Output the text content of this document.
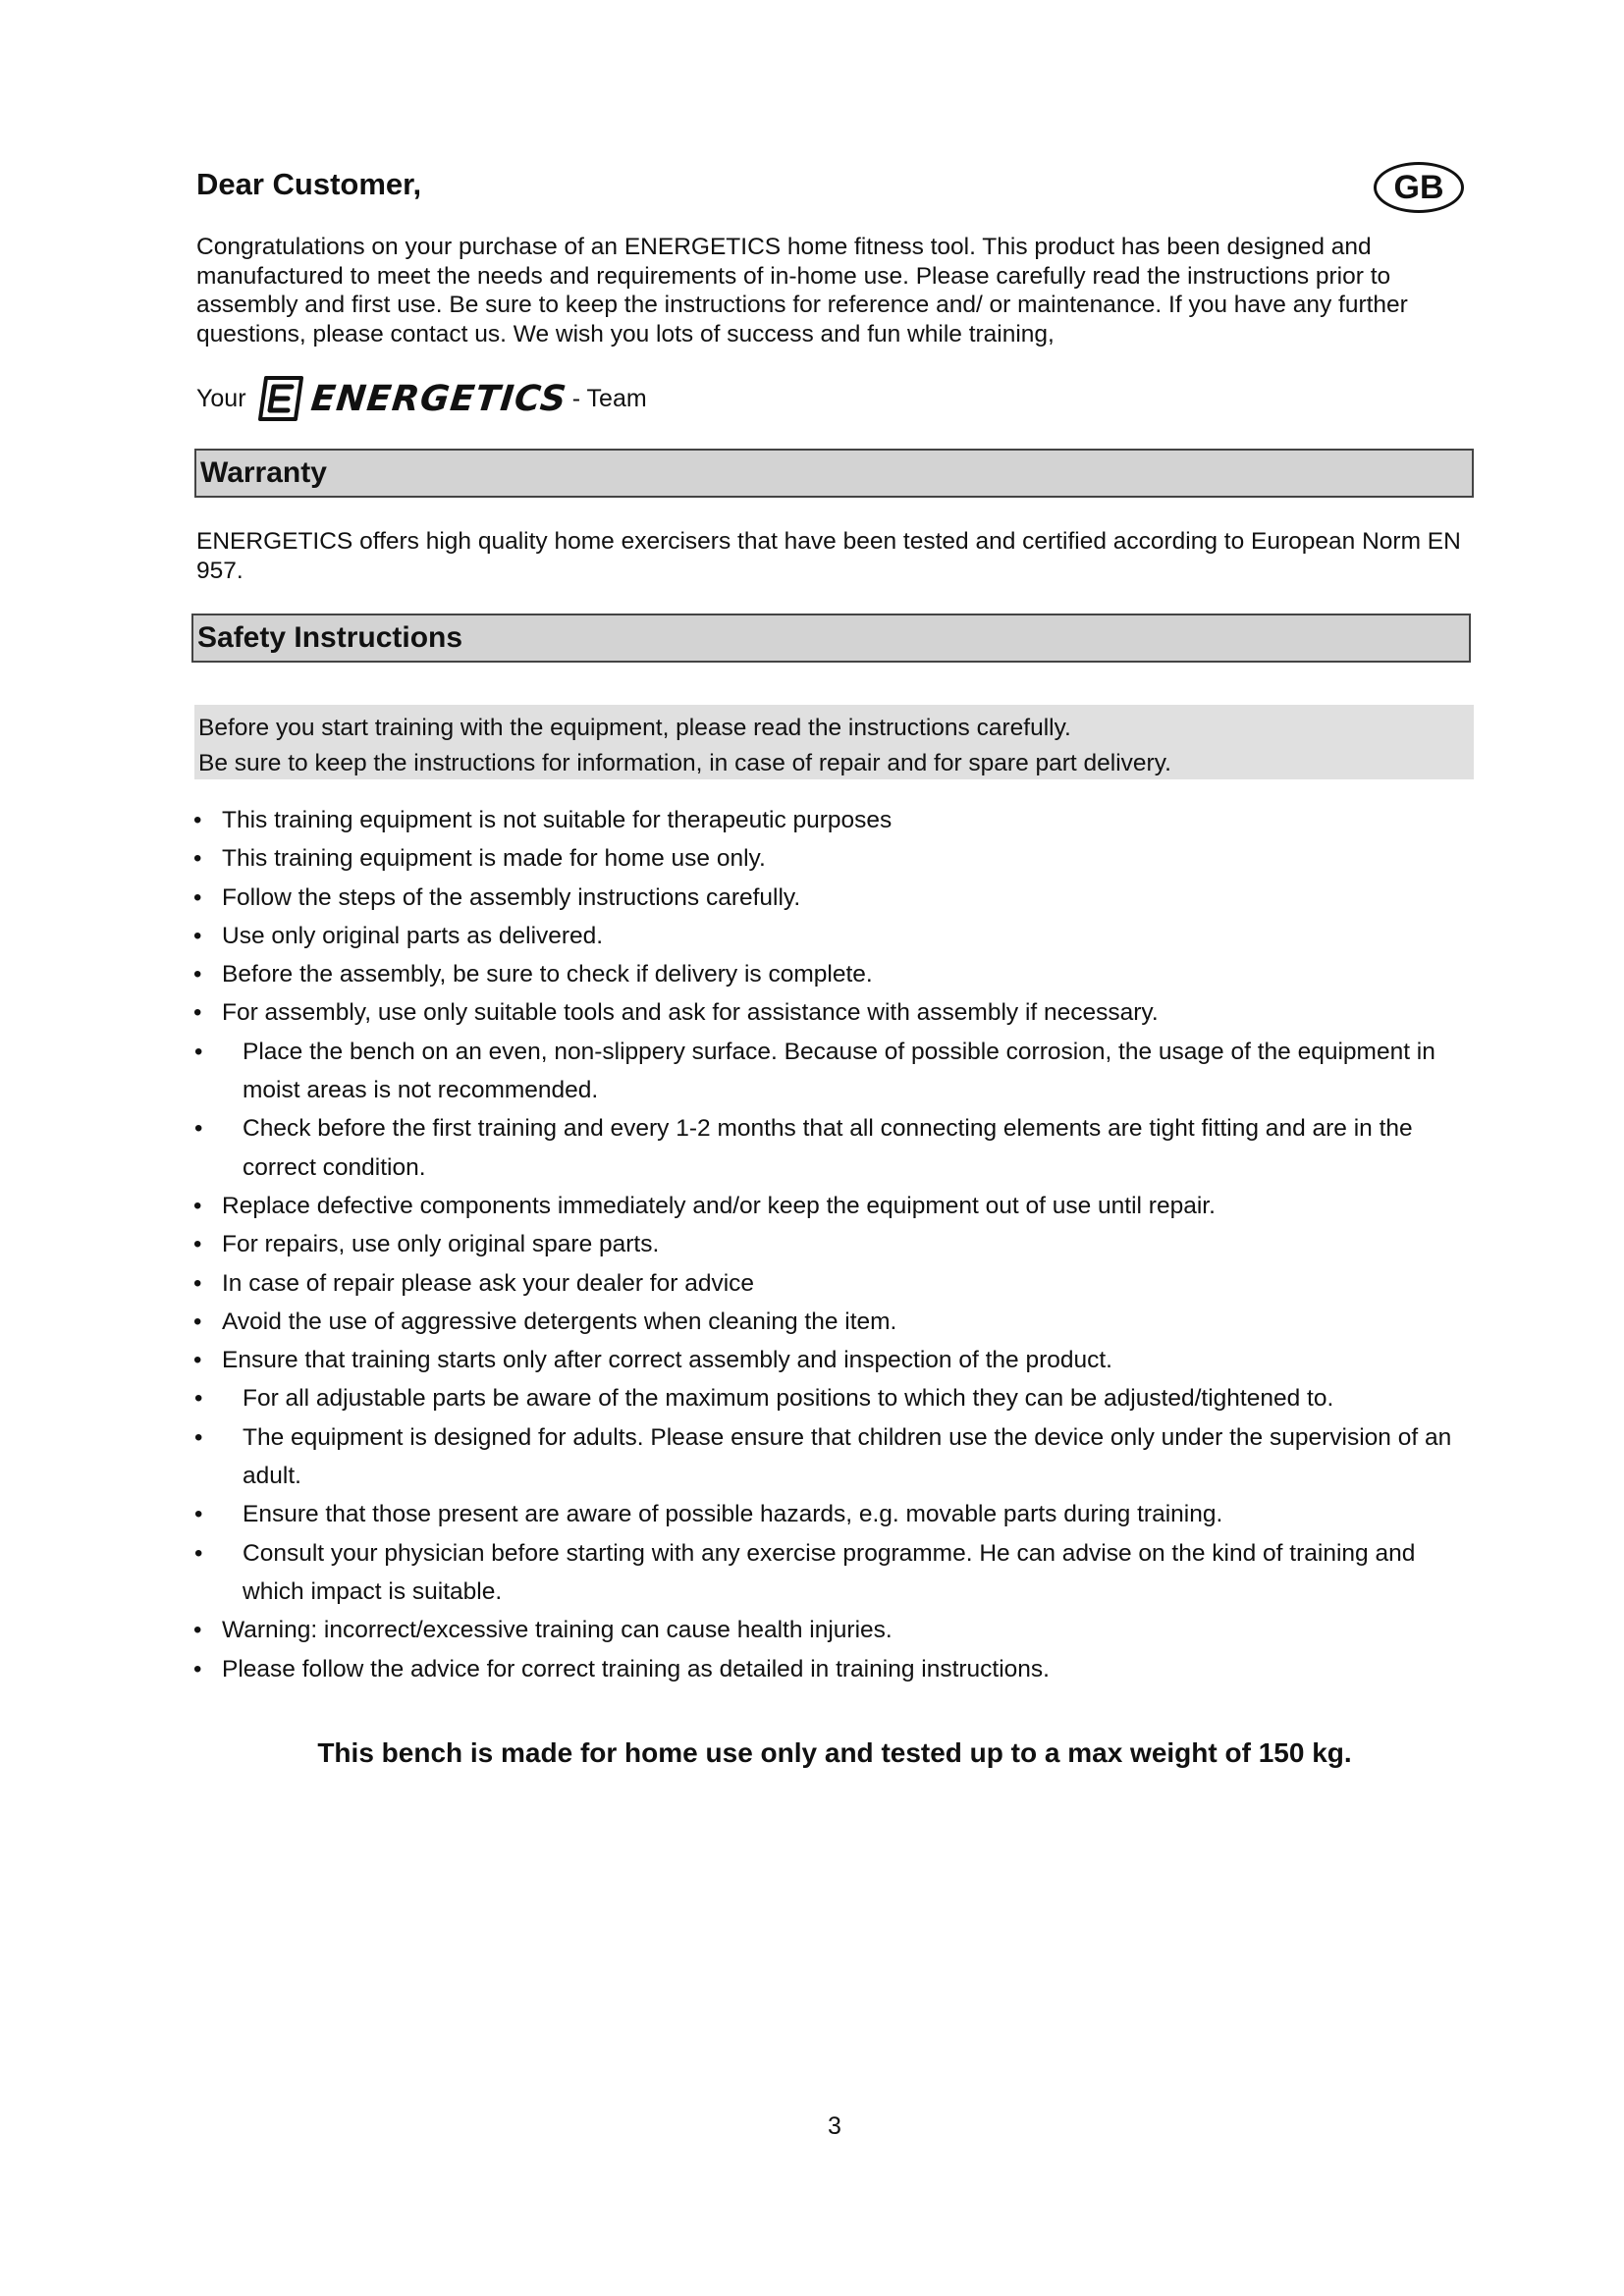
Dear Customer,	GB

Congratulations on your purchase of an ENERGETICS home fitness tool. This product has been designed and manufactured to meet the needs and requirements of in-home use. Please carefully read the instructions prior to assembly and first use. Be sure to keep the instructions for reference and/ or maintenance. If you have any further questions, please contact us. We wish you lots of success and fun while training,

Your ENERGETICS - Team
Warranty

ENERGETICS offers high quality home exercisers that have been tested and certified according to European Norm EN 957.

Safety Instructions
Before you start training with the equipment, please read the instructions carefully.
Be sure to keep the instructions for information, in case of repair and for spare part delivery.
• This training equipment is not suitable for therapeutic purposes
• This training equipment is made for home use only.
• Follow the steps of the assembly instructions carefully.
• Use only original parts as delivered.
• Before the assembly, be sure to check if delivery is complete.
• For assembly, use only suitable tools and ask for assistance with assembly if necessary.
• Place the bench on an even, non-slippery surface. Because of possible corrosion, the usage of the equipment in moist areas is not recommended.
• Check before the first training and every 1-2 months that all connecting elements are tight fitting and are in the correct condition.
• Replace defective components immediately and/or keep the equipment out of use until repair.
• For repairs, use only original spare parts.
• In case of repair please ask your dealer for advice
• Avoid the use of aggressive detergents when cleaning the item.
• Ensure that training starts only after correct assembly and inspection of the product.
• For all adjustable parts be aware of the maximum positions to which they can be adjusted/tightened to.
• The equipment is designed for adults. Please ensure that children use the device only under the supervision of an adult.
• Ensure that those present are aware of possible hazards, e.g. movable parts during training.
• Consult your physician before starting with any exercise programme. He can advise on the kind of training and which impact is suitable.
• Warning: incorrect/excessive training can cause health injuries.
• Please follow the advice for correct training as detailed in training instructions.

This bench is made for home use only and tested up to a max weight of 150 kg.

3
